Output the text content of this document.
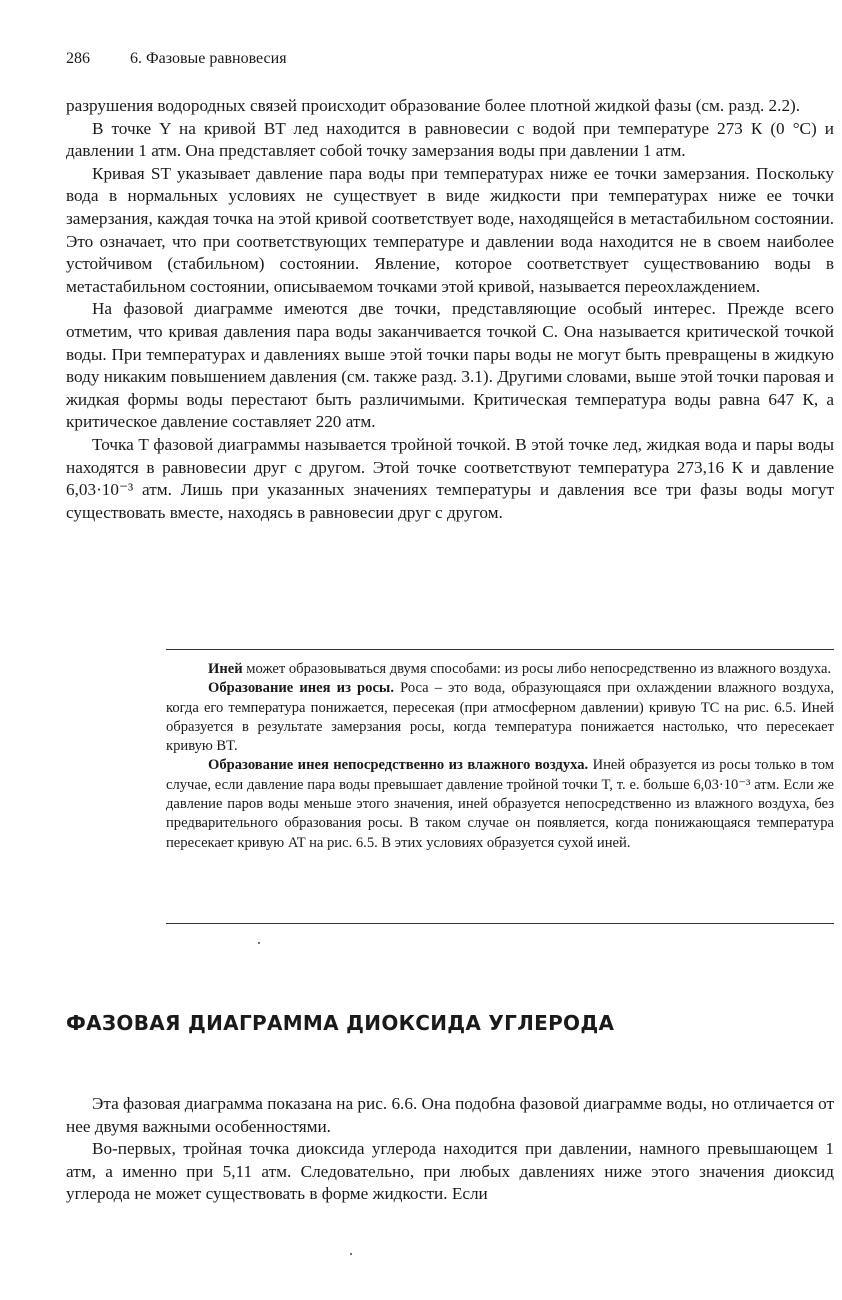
286	6. Фазовые равновесия

разрушения водородных связей происходит образование более плотной жидкой фазы (см. разд. 2.2).

В точке Y на кривой BT лед находится в равновесии с водой при температуре 273 К (0 °С) и давлении 1 атм. Она представляет собой точку замерзания воды при давлении 1 атм.

Кривая ST указывает давление пара воды при температурах ниже ее точки замерзания. Поскольку вода в нормальных условиях не существует в виде жидкости при температурах ниже ее точки замерзания, каждая точка на этой кривой соответствует воде, находящейся в метастабильном состоянии. Это означает, что при соответствующих температуре и давлении вода находится не в своем наиболее устойчивом (стабильном) состоянии. Явление, которое соответствует существованию воды в метастабильном состоянии, описываемом точками этой кривой, называется переохлаждением.

На фазовой диаграмме имеются две точки, представляющие особый интерес. Прежде всего отметим, что кривая давления пара воды заканчивается точкой С. Она называется критической точкой воды. При температурах и давлениях выше этой точки пары воды не могут быть превращены в жидкую воду никаким повышением давления (см. также разд. 3.1). Другими словами, выше этой точки паровая и жидкая формы воды перестают быть различимыми. Критическая температура воды равна 647 К, а критическое давление составляет 220 атм.

Точка T фазовой диаграммы называется тройной точкой. В этой точке лед, жидкая вода и пары воды находятся в равновесии друг с другом. Этой точке соответствуют температура 273,16 К и давление 6,03·10⁻³ атм. Лишь при указанных значениях температуры и давления все три фазы воды могут существовать вместе, находясь в равновесии друг с другом.

Иней может образовываться двумя способами: из росы либо непосредственно из влажного воздуха.

Образование инея из росы. Роса – это вода, образующаяся при охлаждении влажного воздуха, когда его температура понижается, пересекая (при атмосферном давлении) кривую TC на рис. 6.5. Иней образуется в результате замерзания росы, когда температура понижается настолько, что пересекает кривую BT.

Образование инея непосредственно из влажного воздуха. Иней образуется из росы только в том случае, если давление пара воды превышает давление тройной точки T, т. е. больше 6,03·10⁻³ атм. Если же давление паров воды меньше этого значения, иней образуется непосредственно из влажного воздуха, без предварительного образования росы. В таком случае он появляется, когда понижающаяся температура пересекает кривую AT на рис. 6.5. В этих условиях образуется сухой иней.

ФАЗОВАЯ ДИАГРАММА ДИОКСИДА УГЛЕРОДА

Эта фазовая диаграмма показана на рис. 6.6. Она подобна фазовой диаграмме воды, но отличается от нее двумя важными особенностями.

Во-первых, тройная точка диоксида углерода находится при давлении, намного превышающем 1 атм, а именно при 5,11 атм. Следовательно, при любых давлениях ниже этого значения диоксид углерода не может существовать в форме жидкости. Если
